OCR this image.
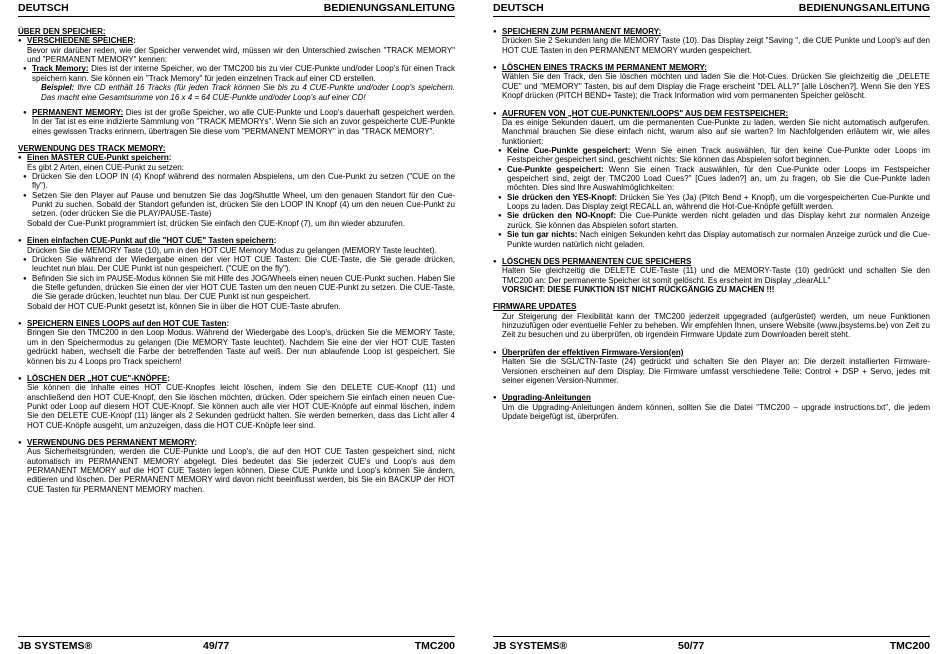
DEUTSCH	BEDIENUNGSANLEITUNG

ÜBER DEN SPEICHER:

● VERSCHIEDENE SPEICHER:

Bevor wir darüber reden, wie der Speicher verwendet wird, müssen wir den Unterschied zwischen "TRACK MEMORY" und "PERMANENT MEMORY" kennen:

● Track Memory: Dies ist der interne Speicher, wo der TMC200 bis zu vier CUE-Punkte und/oder Loop's für einen Track speichern kann. Sie können ein "Track Memory" für jeden einzelnen Track auf einer CD erstellen.

Beispiel: Ihre CD enthält 16 Tracks (für jeden Track können Sie bis zu 4 CUE-Punkte und/oder Loop's speichern. Das macht eine Gesamtsumme von 16 x 4 = 64 CUE-Punkte und/oder Loop's auf einer CD!

● PERMANENT MEMORY: Dies ist der große Speicher, wo alle CUE-Punkte und Loop's dauerhaft gespeichert werden. In der Tat ist es eine indizierte Sammlung von "TRACK MEMORYs". Wenn Sie sich an zuvor gespeicherte CUE-Punkte eines gewissen Tracks erinnern, übertragen Sie diese vom "PERMANENT MEMORY" in das "TRACK MEMORY".

VERWENDUNG DES TRACK MEMORY:

● Einen MASTER CUE-Punkt speichern:

Es gibt 2 Arten, einen CUE-Punkt zu setzen:

● Drücken Sie den LOOP IN (4) Knopf während des normalen Abspielens, um den Cue-Punkt zu setzen ("CUE on the fly").

● Setzen Sie den Player auf Pause und benutzen Sie das Jog/Shuttle Wheel, um den genauen Standort für den Cue-Punkt zu suchen. Sobald der Standort gefunden ist, drücken Sie den LOOP IN Knopf (4) um den neuen Cue-Punkt zu setzen. (oder drücken Sie die PLAY/PAUSE-Taste)

Sobald der Cue-Punkt programmiert ist, drücken Sie einfach den CUE-Knopf (7), um ihn wieder abzurufen.

● Einen einfachen CUE-Punkt auf die "HOT CUE" Tasten speichern:

Drücken Sie die MEMORY Taste (10), um in den HOT CUE Memory Modus zu gelangen (MEMORY Taste leuchtet).

● Drücken Sie während der Wiedergabe einen der vier HOT CUE Tasten: Die CUE-Taste, die Sie gerade drücken, leuchtet nun blau. Der CUE Punkt ist nun gespeichert. ("CUE on the fly").

● Befinden Sie sich im PAUSE-Modus können Sie mit Hilfe des JOG/Wheels einen neuen CUE-Punkt suchen. Haben Sie die Stelle gefunden, drücken Sie einen der vier HOT CUE Tasten um den neuen CUE-Punkt zu setzen. Die CUE-Taste, die Sie gerade drücken, leuchtet nun blau. Der CUE Punkt ist nun gespeichert.

Sobald der HOT CUE-Punkt gesetzt ist, können Sie in über die HOT CUE-Taste abrufen.

● SPEICHERN EINES LOOPS auf den HOT CUE Tasten:

Bringen Sie den TMC200 in den Loop Modus. Während der Wiedergabe des Loop's, drücken Sie die MEMORY Taste, um in den Speichermodus zu gelangen (Die MEMORY Taste leuchtet). Nachdem Sie eine der vier HOT CUE Tasten gedrückt haben, wechselt die Farbe der betreffenden Taste auf weiß. Der nun ablaufende Loop ist gespeichert. Sie können bis zu 4 Loops pro Track speichern!

● LÖSCHEN DER „HOT CUE"-KNÖPFE:

Sie können die Inhalte eines HOT CUE-Knopfes leicht löschen, indem Sie den DELETE CUE-Knopf (11) und anschließend den HOT CUE-Knopf, den Sie löschen möchten, drücken. Oder speichern Sie einfach einen neuen Cue-Punkt oder Loop auf diesem HOT CUE-Knopf. Sie können auch alle vier HOT CUE-Knöpfe auf einmal löschen, indem Sie den DELETE CUE-Knopf (11) länger als 2 Sekunden gedrückt halten. Sie werden bemerken, dass das Licht aller 4 HOT CUE-Knöpfe ausgeht, um anzuzeigen, dass die HOT CUE-Knöpfe leer sind.

● VERWENDUNG DES PERMANENT MEMORY:

Aus Sicherheitsgründen, werden die CUE-Punkte und Loop's, die auf den HOT CUE Tasten gespeichert sind, nicht automatisch im PERMANENT MEMORY abgelegt. Dies bedeutet das Sie jederzeit CUE's und Loop's aus dem PERMANENT MEMORY auf die HOT CUE Tasten legen können. Diese CUE Punkte und Loop's können Sie ändern, editieren und löschen. Der PERMANENT MEMORY wird davon nicht beeinflusst werden, bis Sie ein BACKUP der HOT CUE Tasten für PERMANENT MEMORY machen.

JB SYSTEMS®	49/77	TMC200
DEUTSCH	BEDIENUNGSANLEITUNG

● SPEICHERN ZUM PERMANENT MEMORY:

Drücken Sie 2 Sekunden lang die MEMORY Taste (10). Das Display zeigt "Saving ", die CUE Punkte und Loop's auf den HOT CUE Tasten in den PERMANENT MEMORY wurden gespeichert.

● LÖSCHEN EINES TRACKS IM PERMANENT MEMORY:

Wählen Sie den Track, den Sie löschen möchten und laden Sie die Hot-Cues. Drücken Sie gleichzeitig die „DELETE CUE" und "MEMORY" Tasten, bis auf dem Display die Frage erscheint "DEL ALL?" [alle Löschen?]. Wenn Sie den YES Knopf drücken (PITCH BEND+ Taste); die Track Information wird vom permanenten Speicher gelöscht.

● AUFRUFEN VON „HOT CUE-PUNKTEN/LOOPS" AUS DEM FESTSPEICHER:

Da es einige Sekunden dauert, um die permanenten Cue-Punkte zu laden, werden Sie nicht automatisch aufgerufen. Manchmal brauchen Sie diese einfach nicht, warum also auf sie warten? Im Nachfolgenden erläutern wir, wie alles funktioniert:

● Keine Cue-Punkte gespeichert: Wenn Sie einen Track auswählen, für den keine Cue-Punkte oder Loops im Festspeicher gespeichert sind, geschieht nichts: Sie können das Abspielen sofort beginnen.

● Cue-Punkte gespeichert: Wenn Sie einen Track auswählen, für den Cue-Punkte oder Loops im Festspeicher gespeichert sind, zeigt der TMC200 Load Cues?" [Cues laden?] an, um zu fragen, ob Sie die Cue-Punkte laden möchten. Dies sind Ihre Auswahlmöglichkeiten:

● Sie drücken den YES-Knopf: Drücken Sie Yes (Ja) (Pitch Bend + Knopf), um die vorgespeicherten Cue-Punkte und Loops zu laden. Das Display zeigt RECALL an, während die Hot-Cue-Knöpfe gefüllt werden.

● Sie drücken den NO-Knopf: Die Cue-Punkte werden nicht geladen und das Display kehrt zur normalen Anzeige zurück. Sie können das Abspielen sofort starten.

● Sie tun gar nichts: Nach einigen Sekunden kehrt das Display automatisch zur normalen Anzeige zurück und die Cue-Punkte wurden natürlich nicht geladen.

● LÖSCHEN DES PERMANENTEN CUE SPEICHERS

Halten Sie gleichzeitig die DELETE CUE-Taste (11) und die MEMORY-Taste (10) gedrückt und schalten Sie den TMC200 an: Der permanente Speicher ist somit gelöscht. Es erscheint im Display „clearALL"

VORSICHT: DIESE FUNKTION IST NICHT RÜCKGÄNGIG ZU MACHEN !!!

FIRMWARE UPDATES

Zur Steigerung der Flexibilität kann der TMC200 jederzeit upgegraded (aufgerüstet) werden, um neue Funktionen hinzuzufügen oder eventuelle Fehler zu beheben. Wir empfehlen Ihnen, unsere Website (www.jbsystems.be) von Zeit zu Zeit zu besuchen und zu überprüfen, ob irgendein Firmware Update zum Downloaden bereit steht.

● Überprüfen der effektiven Firmware-Version(en)

Halten Sie die SGL/CTN-Taste (24) gedrückt und schalten Sie den Player an: Die derzeit installierten Firmware-Versionen erscheinen auf dem Display. Die Firmware umfasst verschiedene Teile: Control + DSP + Servo, jedes mit seiner eigenen Version-Nummer.

● Upgrading-Anleitungen

Um die Upgrading-Anleitungen ändern können, sollten Sie die Datei "TMC200 – upgrade instructions.txt", die jedem Update beigefügt ist, überprüfen.

JB SYSTEMS®	50/77	TMC200
